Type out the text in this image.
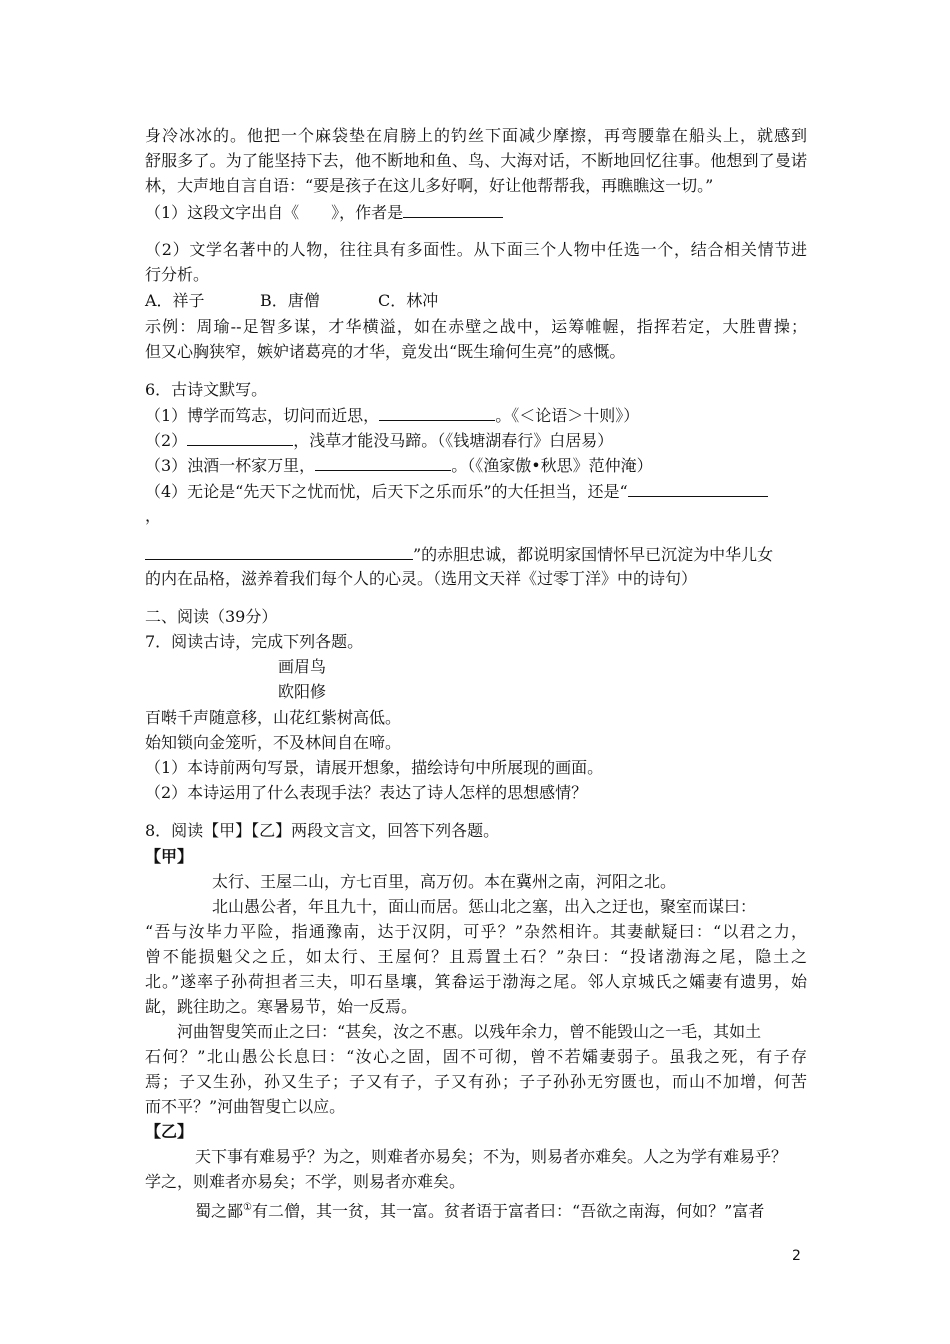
身冷冰冰的。他把一个麻袋垫在肩膀上的钓丝下面减少摩擦，再弯腰靠在船头上，就感到

舒服多了。为了能坚持下去，他不断地和鱼、鸟、大海对话，不断地回忆往事。他想到了曼诺

林，大声地自言自语：“要是孩子在这儿多好啊，好让他帮帮我，再瞧瞧这一切。”

（1）这段文字出自《　　》，作者是

（2）文学名著中的人物，往往具有多面性。从下面三个人物中任选一个，结合相关情节进

行分析。

A．祥子	B．唐僧	C．林冲

示例：周瑜--足智多谋，才华横溢，如在赤壁之战中，运筹帷幄，指挥若定，大胜曹操；

但又心胸狭窄，嫉妒诸葛亮的才华，竟发出“既生瑜何生亮”的感慨。

6．古诗文默写。

（1）博学而笃志，切问而近思，	。《＜论语＞十则》）

（2）	，浅草才能没马蹄。（《钱塘湖春行》白居易）

（3）浊酒一杯家万里，	。（《渔家傲•秋思》范仲淹）

（4）无论是“先天下之忧而忧，后天下之乐而乐”的大任担当，还是“

，

”的赤胆忠诚，都说明家国情怀早已沉淀为中华儿女

的内在品格，滋养着我们每个人的心灵。（选用文天祥《过零丁洋》中的诗句）

二、阅读（39分）

7．阅读古诗，完成下列各题。

画眉鸟

欧阳修

百啭千声随意移，山花红紫树高低。

始知锁向金笼听，不及林间自在啼。

（1）本诗前两句写景，请展开想象，描绘诗句中所展现的画面。

（2）本诗运用了什么表现手法？表达了诗人怎样的思想感情？

8．阅读【甲】【乙】两段文言文，回答下列各题。

【甲】

太行、王屋二山，方七百里，高万仞。本在冀州之南，河阳之北。

北山愚公者，年且九十，面山而居。惩山北之塞，出入之迂也，聚室而谋曰：

“吾与汝毕力平险，指通豫南，达于汉阴，可乎？”杂然相许。其妻献疑曰：“以君之力，

曾不能损魁父之丘，如太行、王屋何？且焉置土石？”杂曰：“投诸渤海之尾，隐土之

北。”遂率子孙荷担者三夫，叩石垦壤，箕畚运于渤海之尾。邻人京城氏之孀妻有遗男，始

龀，跳往助之。寒暑易节，始一反焉。

河曲智叟笑而止之曰：“甚矣，汝之不惠。以残年余力，曾不能毁山之一毛，其如土

石何？”北山愚公长息曰：“汝心之固，固不可彻，曾不若孀妻弱子。虽我之死，有子存

焉；子又生孙，孙又生子；子又有子，子又有孙；子子孙孙无穷匮也，而山不加增，何苦

而不平？”河曲智叟亡以应。

【乙】

天下事有难易乎？为之，则难者亦易矣；不为，则易者亦难矣。人之为学有难易乎？

学之，则难者亦易矣；不学，则易者亦难矣。

蜀之鄙①有二僧，其一贫，其一富。贫者语于富者曰：“吾欲之南海，何如？”富者

2
